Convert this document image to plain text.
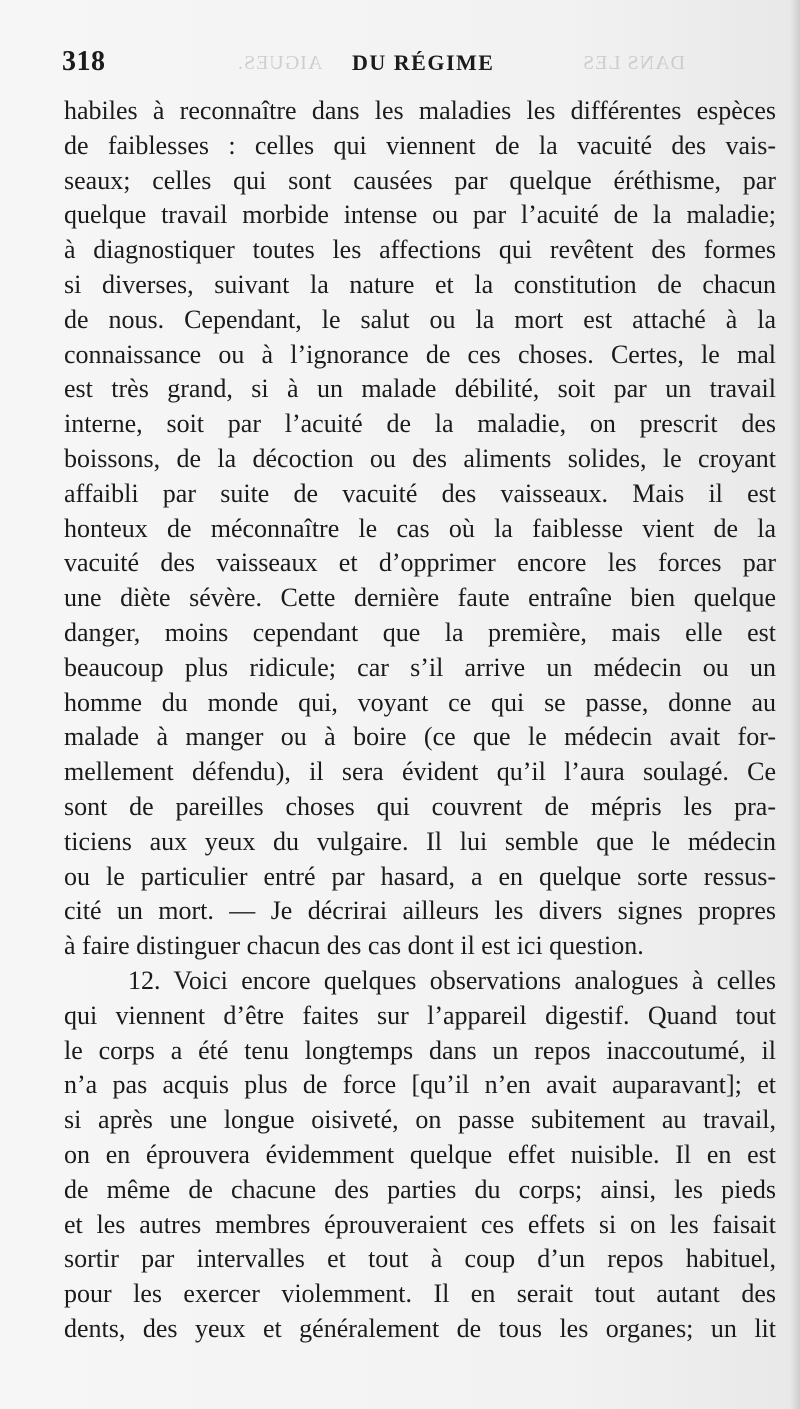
318	AIGUES. DU RÉGIME	DANS LES
habiles à reconnaître dans les maladies les différentes espèces
de faiblesses : celles qui viennent de la vacuité des vais-
seaux; celles qui sont causées par quelque éréthisme, par
quelque travail morbide intense ou par l’acuité de la maladie;
à diagnostiquer toutes les affections qui revêtent des formes
si diverses, suivant la nature et la constitution de chacun
de nous. Cependant, le salut ou la mort est attaché à la
connaissance ou à l’ignorance de ces choses. Certes, le mal
est très grand, si à un malade débilité, soit par un travail
interne, soit par l’acuité de la maladie, on prescrit des
boissons, de la décoction ou des aliments solides, le croyant
affaibli par suite de vacuité des vaisseaux. Mais il est
honteux de méconnaître le cas où la faiblesse vient de la
vacuité des vaisseaux et d’opprimer encore les forces par
une diète sévère. Cette dernière faute entraîne bien quelque
danger, moins cependant que la première, mais elle est
beaucoup plus ridicule; car s’il arrive un médecin ou un
homme du monde qui, voyant ce qui se passe, donne au
malade à manger ou à boire (ce que le médecin avait for-
mellement défendu), il sera évident qu’il l’aura soulagé. Ce
sont de pareilles choses qui couvrent de mépris les pra-
ticiens aux yeux du vulgaire. Il lui semble que le médecin
ou le particulier entré par hasard, a en quelque sorte ressus-
cité un mort. — Je décrirai ailleurs les divers signes propres
à faire distinguer chacun des cas dont il est ici question.
12. Voici encore quelques observations analogues à celles
qui viennent d’être faites sur l’appareil digestif. Quand tout
le corps a été tenu longtemps dans un repos inaccoutumé, il
n’a pas acquis plus de force [qu’il n’en avait auparavant]; et
si après une longue oisiveté, on passe subitement au travail,
on en éprouvera évidemment quelque effet nuisible. Il en est
de même de chacune des parties du corps; ainsi, les pieds
et les autres membres éprouveraient ces effets si on les faisait
sortir par intervalles et tout à coup d’un repos habituel,
pour les exercer violemment. Il en serait tout autant des
dents, des yeux et généralement de tous les organes; un lit
